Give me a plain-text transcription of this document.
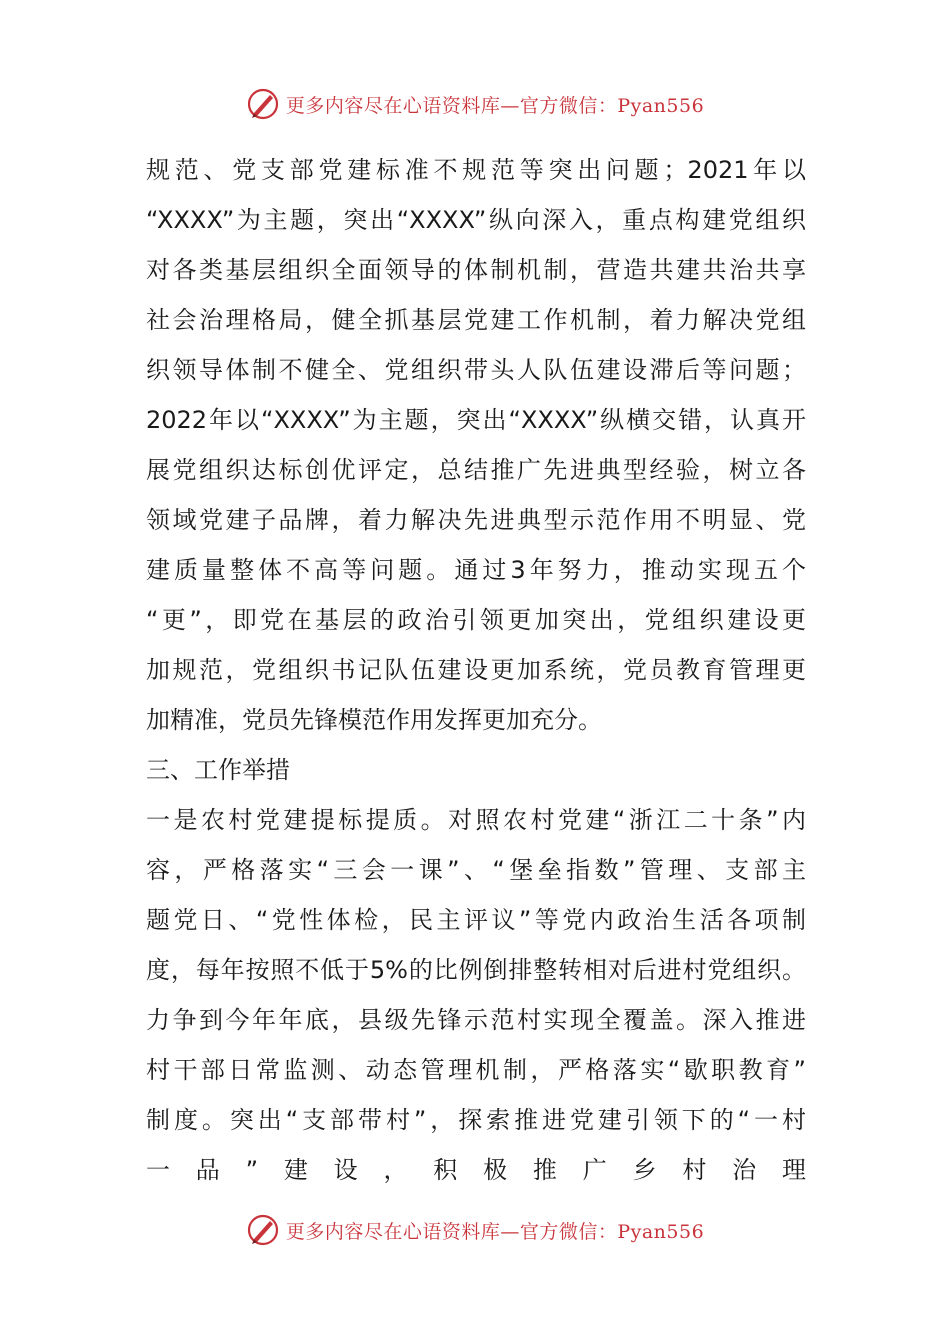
更多内容尽在心语资料库—官方微信：Pyan556
规范、党支部党建标准不规范等突出问题；2021年以
“XXXX”为主题，突出“XXXX”纵向深入，重点构建党组织
对各类基层组织全面领导的体制机制，营造共建共治共享
社会治理格局，健全抓基层党建工作机制，着力解决党组
织领导体制不健全、党组织带头人队伍建设滞后等问题；
2022年以“XXXX”为主题，突出“XXXX”纵横交错，认真开
展党组织达标创优评定，总结推广先进典型经验，树立各
领域党建子品牌，着力解决先进典型示范作用不明显、党
建质量整体不高等问题。通过3年努力，推动实现五个
“更”，即党在基层的政治引领更加突出，党组织建设更
加规范，党组织书记队伍建设更加系统，党员教育管理更
加精准，党员先锋模范作用发挥更加充分。
三、工作举措
一是农村党建提标提质。对照农村党建“浙江二十条”内
容，严格落实“三会一课”、“堡垒指数”管理、支部主
题党日、“党性体检，民主评议”等党内政治生活各项制
度，每年按照不低于5%的比例倒排整转相对后进村党组织。
力争到今年年底，县级先锋示范村实现全覆盖。深入推进
村干部日常监测、动态管理机制，严格落实“歇职教育”
制度。突出“支部带村”，探索推进党建引领下的“一村
一品”建设，积极推广乡村治理
更多内容尽在心语资料库—官方微信：Pyan556
